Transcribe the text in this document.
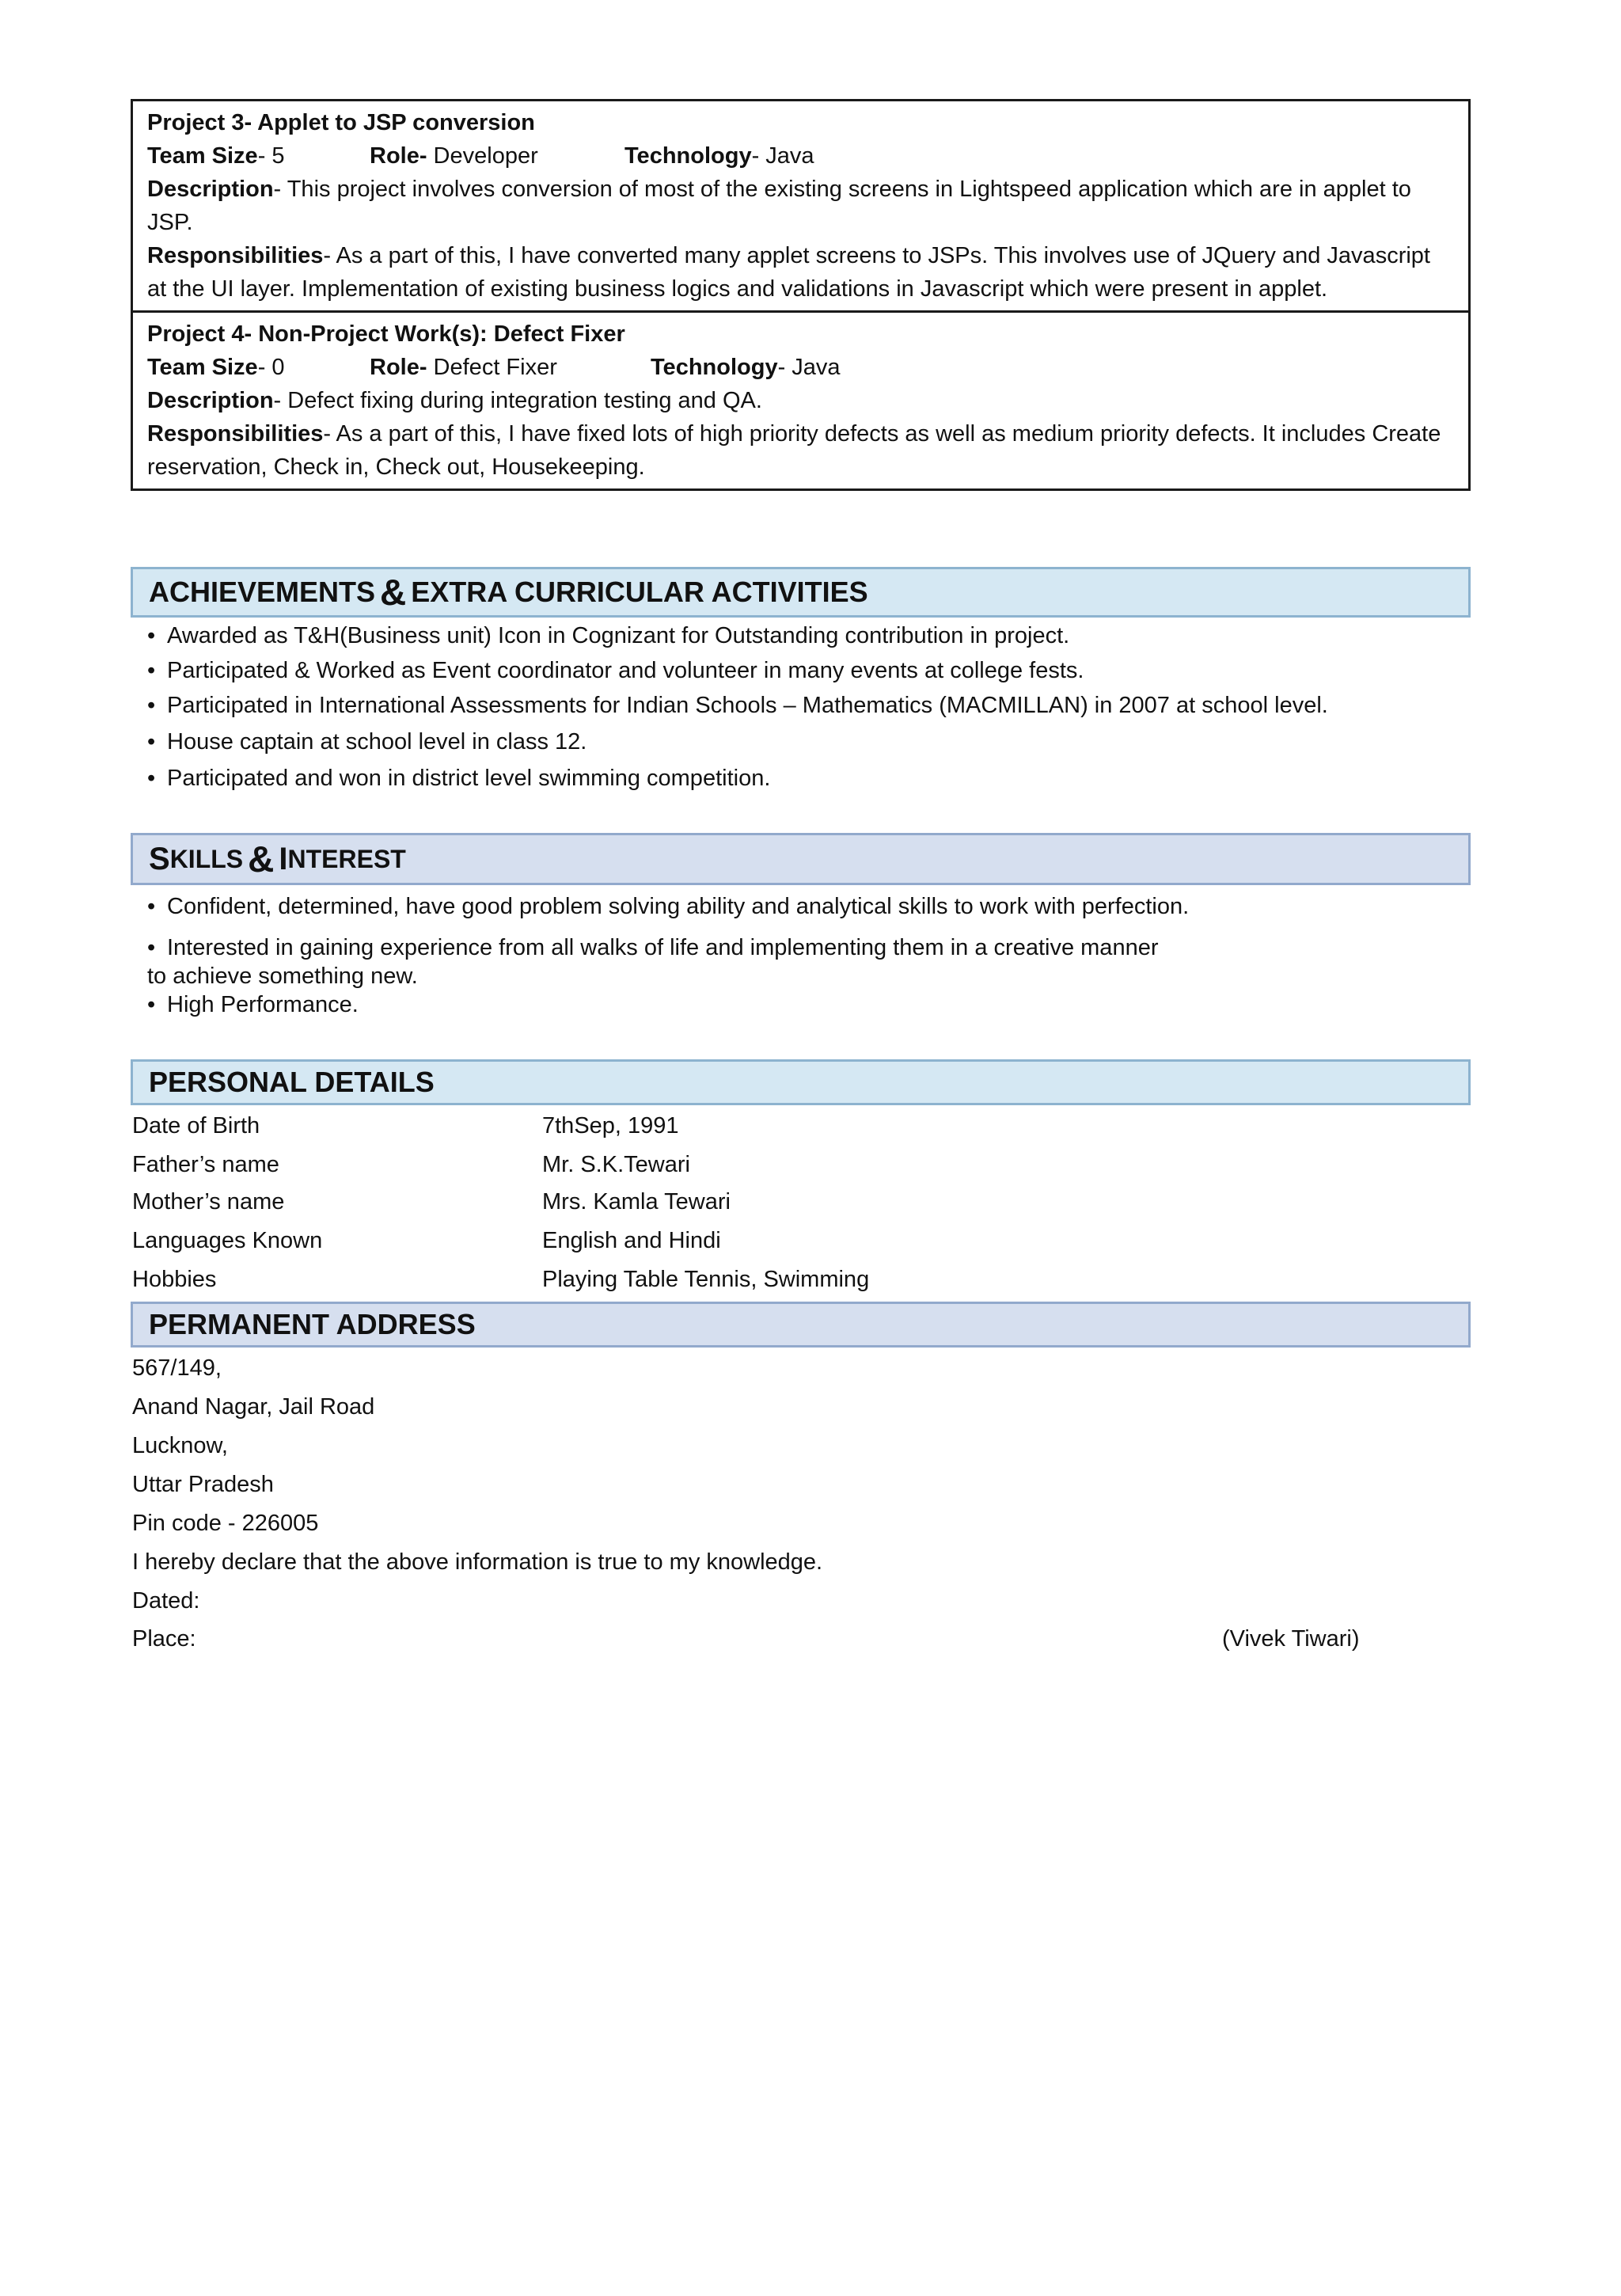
Project 3- Applet to JSP conversion
Team Size- 5	Role- Developer	Technology- Java

Description- This project involves conversion of most of the existing screens in Lightspeed application which are in applet to JSP.

Responsibilities- As a part of this, I have converted many applet screens to JSPs. This involves use of JQuery and Javascript at the UI layer. Implementation of existing business logics and validations in Javascript which were present in applet.

Project 4- Non-Project Work(s): Defect Fixer
Team Size- 0	Role- Defect Fixer	Technology- Java

Description- Defect fixing during integration testing and QA.

Responsibilities- As a part of this, I have fixed lots of high priority defects as well as medium priority defects. It includes Create reservation, Check in, Check out, Housekeeping.

ACHIEVEMENTS & EXTRA CURRICULAR ACTIVITIES
• Awarded as T&H(Business unit) Icon in Cognizant for Outstanding contribution in project.
• Participated & Worked as Event coordinator and volunteer in many events at college fests.
• Participated in International Assessments for Indian Schools – Mathematics (MACMILLAN) in 2007 at school level.
• House captain at school level in class 12.
• Participated and won in district level swimming competition.
S KILLS & I NTEREST
• Confident, determined, have good problem solving ability and analytical skills to work with perfection.
• Interested in gaining experience from all walks of life and implementing them in a creative manner
to achieve something new.
• High Performance.
PERSONAL DETAILS
Date of Birth	7thSep, 1991
Father’s name	Mr. S.K.Tewari
Mother’s name	Mrs. Kamla Tewari
Languages Known	English and Hindi
Hobbies	Playing Table Tennis, Swimming
PERMANENT ADDRESS
567/149,
Anand Nagar, Jail Road
Lucknow,
Uttar Pradesh
Pin code - 226005
I hereby declare that the above information is true to my knowledge.
Dated:
Place:	(Vivek Tiwari)
